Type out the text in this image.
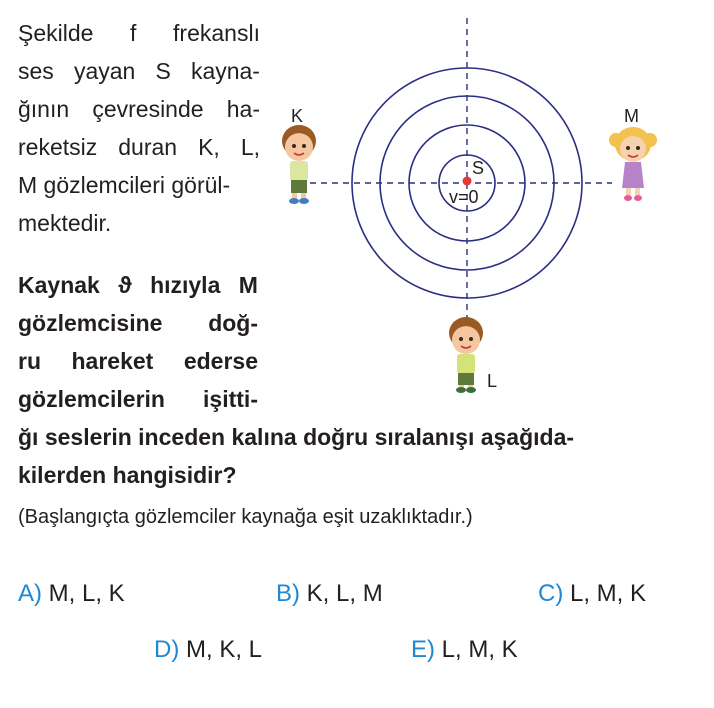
Şekilde f frekanslı
ses yayan S kayna-
ğının çevresinde ha-
reketsiz duran K, L,
M gözlemcileri görül-
mektedir.
Kaynak ϑ hızıyla M
gözlemcisine doğ-
ru hareket ederse
gözlemcilerin işitti-
ğı seslerin inceden kalına doğru sıralanışı aşağıda-
kilerden hangisidir?
(Başlangıçta gözlemciler kaynağa eşit uzaklıktadır.)
S
v=0
K	M
L
A) M, L, K	B) K, L, M	C) L, M, K
D) M, K, L	E) L, M, K
